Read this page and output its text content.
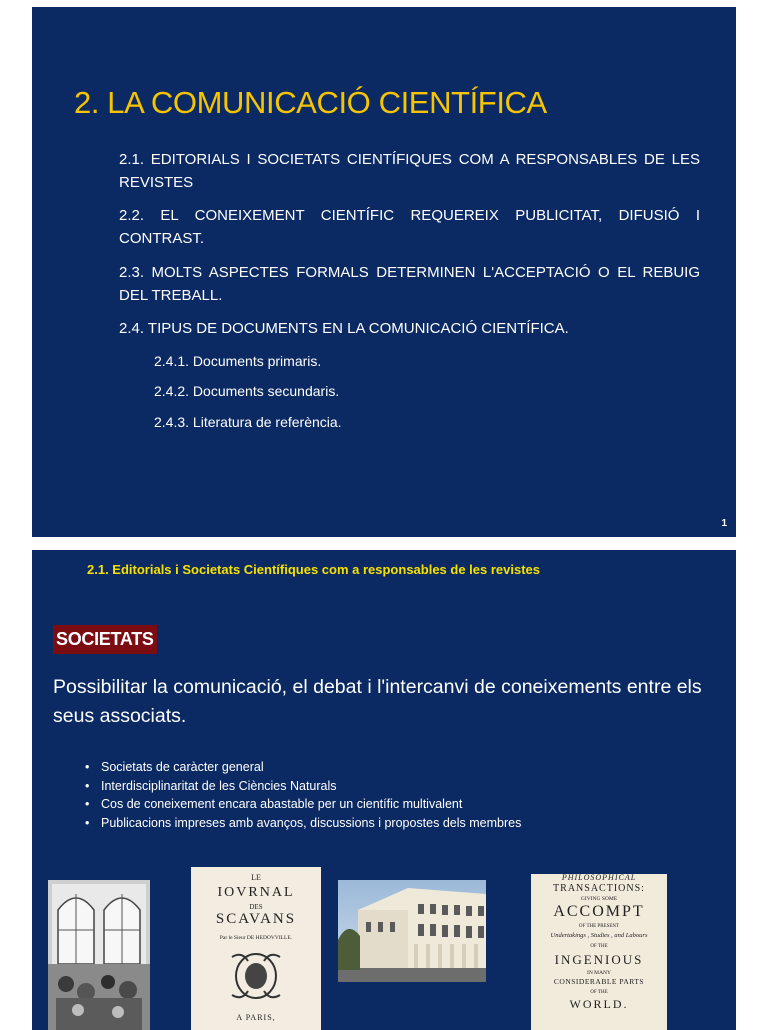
2. LA COMUNICACIÓ CIENTÍFICA
2.1. EDITORIALS I SOCIETATS CIENTÍFIQUES COM A RESPONSABLES DE LES REVISTES
2.2. EL CONEIXEMENT CIENTÍFIC REQUEREIX PUBLICITAT, DIFUSIÓ I CONTRAST.
2.3. MOLTS ASPECTES FORMALS DETERMINEN L'ACCEPTACIÓ O EL REBUIG DEL TREBALL.
2.4. TIPUS DE DOCUMENTS EN LA COMUNICACIÓ CIENTÍFICA.
2.4.1. Documents primaris.
2.4.2. Documents secundaris.
2.4.3. Literatura de referència.
1
2.1. Editorials i Societats Científiques com a responsables de les revistes
SOCIETATS
Possibilitar la comunicació, el debat i l'intercanvi de coneixements entre els seus associats.
• Societats de caràcter general
• Interdisciplinaritat de les Ciències Naturals
• Cos de coneixement encara abastable per un científic multivalent
• Publicacions impreses amb avanços, discussions i propostes dels membres
LE
IOVRNAL
DES
SCAVANS
Par le Sieur DE HEDOVVILLE.
A PARIS,
PHILOSOPHICAL
TRANSACTIONS:
GIVING SOME
ACCOMPT
OF THE PRESENT
Undertakings , Studies , and Labours
OF THE
INGENIOUS
IN MANY
CONSIDERABLE PARTS
OF THE
WORLD.
